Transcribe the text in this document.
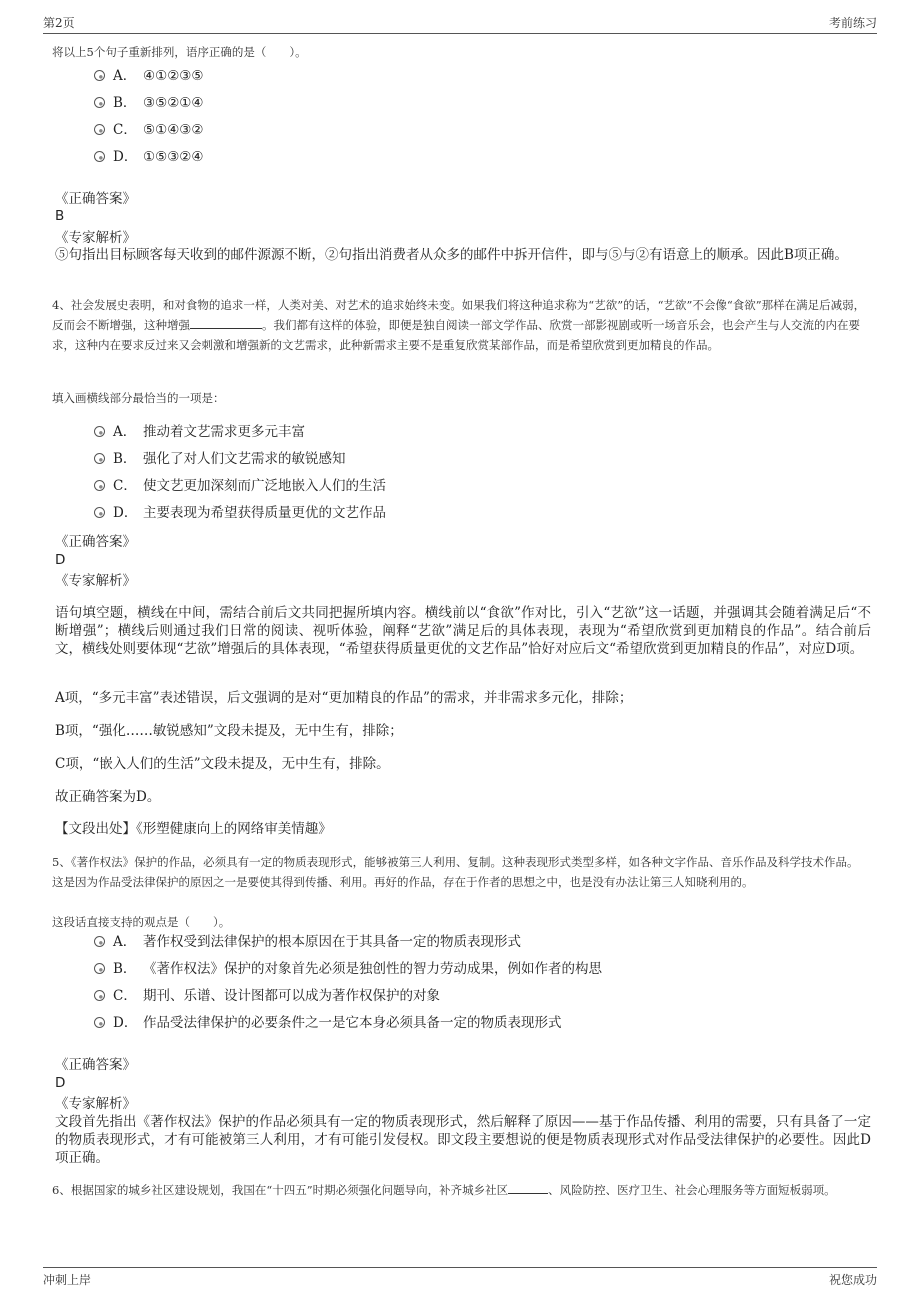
第2页	考前练习
将以上5个句子重新排列，语序正确的是（　　）。
A． ④①②③⑤
B． ③⑤②①④
C． ⑤①④③②
D． ①⑤③②④
《正确答案》
B
《专家解析》
⑤句指出目标顾客每天收到的邮件源源不断，②句指出消费者从众多的邮件中拆开信件，即与⑤与②有语意上的顺承。因此B项正确。
4、社会发展史表明，和对食物的追求一样，人类对美、对艺术的追求始终未变。如果我们将这种追求称为“艺欲”的话，“艺欲”不会像“食欲”那样在满足后减弱，反而会不断增强，这种增强	。我们都有这样的体验，即便是独自阅读一部文学作品、欣赏一部影视剧或听一场音乐会，也会产生与人交流的内在要求，这种内在要求反过来又会刺激和增强新的文艺需求，此种新需求主要不是重复欣赏某部作品，而是希望欣赏到更加精良的作品。
填入画横线部分最恰当的一项是：
A． 推动着文艺需求更多元丰富
B． 强化了对人们文艺需求的敏锐感知
C． 使文艺更加深刻而广泛地嵌入人们的生活
D． 主要表现为希望获得质量更优的文艺作品
《正确答案》
D
《专家解析》
语句填空题，横线在中间，需结合前后文共同把握所填内容。横线前以“食欲”作对比，引入“艺欲”这一话题，并强调其会随着满足后“不断增强”；横线后则通过我们日常的阅读、视听体验，阐释“艺欲”满足后的具体表现，表现为“希望欣赏到更加精良的作品”。结合前后文，横线处则要体现“艺欲”增强后的具体表现，“希望获得质量更优的文艺作品”恰好对应后文“希望欣赏到更加精良的作品”，对应D项。
A项，“多元丰富”表述错误，后文强调的是对“更加精良的作品”的需求，并非需求多元化，排除；
B项，“强化……敏锐感知”文段未提及，无中生有，排除；
C项，“嵌入人们的生活”文段未提及，无中生有，排除。
故正确答案为D。
【文段出处】《形塑健康向上的网络审美情趣》
5、《著作权法》保护的作品，必须具有一定的物质表现形式，能够被第三人利用、复制。这种表现形式类型多样，如各种文字作品、音乐作品及科学技术作品。这是因为作品受法律保护的原因之一是要使其得到传播、利用。再好的作品，存在于作者的思想之中，也是没有办法让第三人知晓利用的。
这段话直接支持的观点是（　　）。
A． 著作权受到法律保护的根本原因在于其具备一定的物质表现形式
B． 《著作权法》保护的对象首先必须是独创性的智力劳动成果，例如作者的构思
C． 期刊、乐谱、设计图都可以成为著作权保护的对象
D． 作品受法律保护的必要条件之一是它本身必须具备一定的物质表现形式
《正确答案》
D
《专家解析》
文段首先指出《著作权法》保护的作品必须具有一定的物质表现形式，然后解释了原因——基于作品传播、利用的需要，只有具备了一定的物质表现形式，才有可能被第三人利用，才有可能引发侵权。即文段主要想说的便是物质表现形式对作品受法律保护的必要性。因此D项正确。
6、根据国家的城乡社区建设规划，我国在“十四五”时期必须强化问题导向，补齐城乡社区	、风险防控、医疗卫生、社会心理服务等方面短板弱项。
冲刺上岸	祝您成功
